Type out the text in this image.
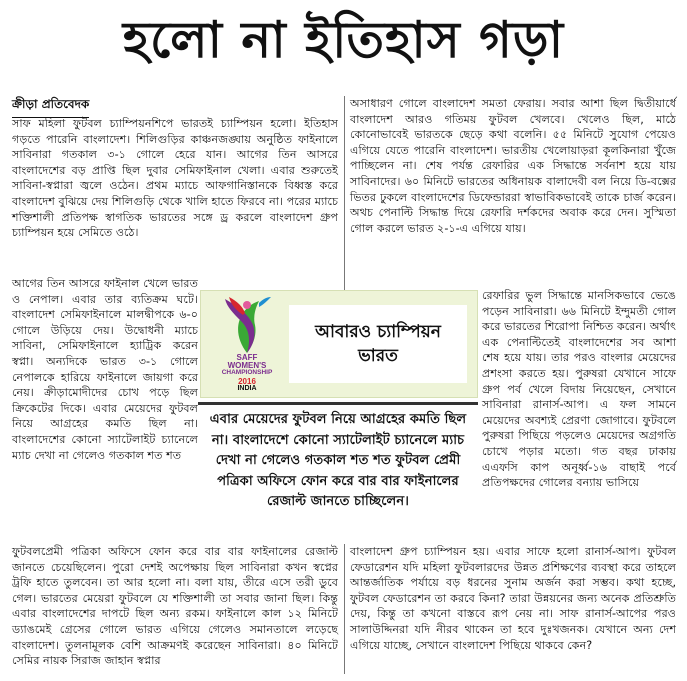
হলো না ইতিহাস গড়া
ক্রীড়া প্রতিবেদক

সাফ মহিলা ফুটবল চ্যাম্পিয়নশিপে ভারতই চ্যাম্পিয়ন হলো। ইতিহাস গড়তে পারেনি বাংলাদেশ। শিলিগুড়ির কাঞ্চনজঙ্ঘায় অনুষ্ঠিত ফাইনালে সাবিনারা গতকাল ৩-১ গোলে হেরে যান। আগের তিন আসরে বাংলাদেশের বড় প্রাপ্তি ছিল দুবার সেমিফাইনাল খেলা। এবার শুরুতেই সাবিনা-স্বপ্নারা জ্বলে ওঠেন। প্রথম ম্যাচে আফগানিস্তানকে বিধ্বস্ত করে বাংলাদেশ বুঝিয়ে দেয় শিলিগুড়ি থেকে খালি হাতে ফিরবে না। পরের ম্যাচে শক্তিশালী প্রতিপক্ষ স্বাগতিক ভারতের সঙ্গে ড্র করলে বাংলাদেশ গ্রুপ চ্যাম্পিয়ন হয়ে সেমিতে ওঠে।

আগের তিন আসরে ফাইনাল খেলে ভারত ও নেপাল। এবার তার ব্যতিক্রম ঘটে। বাংলাদেশ সেমিফাইনালে মালদ্বীপকে ৬-০ গোলে উড়িয়ে দেয়। উদ্বোধনী ম্যাচে সাবিনা, সেমিফাইনালে হ্যাট্রিক করেন স্বপ্না। অন্যদিকে ভারত ৩-১ গোলে নেপালকে হারিয়ে ফাইনালে জায়গা করে নেয়। ক্রীড়ামোদীদের চোখ পড়ে ছিল ক্রিকেটের দিকে। এবার মেয়েদের ফুটবল নিয়ে আগ্রহের কমতি ছিল না। বাংলাদেশের কোনো স্যাটেলাইট চ্যানেলে ম্যাচ দেখা না গেলেও গতকাল শত শত

ফুটবলপ্রেমী পত্রিকা অফিসে ফোন করে বার বার ফাইনালের রেজাল্ট জানতে চেয়েছিলেন। পুরো দেশই অপেক্ষায় ছিল সাবিনারা কখন স্বপ্নের ট্রফি হাতে তুলবেন। তা আর হলো না। বলা যায়, তীরে এসে তরী ডুবে গেল। ভারতের মেয়েরা ফুটবলে যে শক্তিশালী তা সবার জানা ছিল। কিন্তু এবার বাংলাদেশের দাপটে ছিল অন্য রকম। ফাইনালে কাল ১২ মিনিটে ড্যাঙমেই গ্রেসের গোলে ভারত এগিয়ে গেলেও সমানতালে লড়েছে বাংলাদেশ। তুলনামূলক বেশি আক্রমণই করেছেন সাবিনারা। ৪০ মিনিটে সেমির নায়ক সিরাজ জাহান স্বপ্নার

অসাধারণ গোলে বাংলাদেশ সমতা ফেরায়। সবার আশা ছিল দ্বিতীয়ার্ধে বাংলাদেশ আরও গতিময় ফুটবল খেলবে। খেলেও ছিল, মাঠে কোনোভাবেই ভারতকে ছেড়ে কথা বলেনি। ৫৫ মিনিটে সুযোগ পেয়েও এগিয়ে যেতে পারেনি বাংলাদেশ। ভারতীয় খেলোয়াড়রা কূলকিনারা খুঁজে পাচ্ছিলেন না। শেষ পর্যন্ত রেফারির এক সিদ্ধান্তে সর্বনাশ হয়ে যায় সাবিনাদের। ৬০ মিনিটে ভারতের অধিনায়ক বালাদেবী বল নিয়ে ডি-বক্সের ভিতর ঢুকলে বাংলাদেশের ডিফেন্ডাররা স্বাভাবিকভাবেই তাকে চার্জ করেন। অথচ পেনাল্টি সিদ্ধান্ত দিয়ে রেফারি দর্শকদের অবাক করে দেন। সুস্মিতা গোল করলে ভারত ২-১-এ এগিয়ে যায়।

রেফারির ভুল সিদ্ধান্তে মানসিকভাবে ভেঙে পড়েন সাবিনারা। ৬৬ মিনিটে ইন্দুমতী গোল করে ভারতের শিরোপা নিশ্চিত করেন। অর্থাৎ এক পেনাল্টিতেই বাংলাদেশের সব আশা শেষ হয়ে যায়। তার পরও বাংলার মেয়েদের প্রশংসা করতে হয়। পুরুষরা যেখানে সাফে গ্রুপ পর্ব খেলে বিদায় নিয়েছেন, সেখানে সাবিনারা রানার্স-আপ। এ ফল সামনে মেয়েদের অবশ্যই প্রেরণা জোগাবে। ফুটবলে পুরুষরা পিছিয়ে পড়লেও মেয়েদের অগ্রগতি চোখে পড়ার মতো। গত বছর ঢাকায় এএফসি কাপ অনূর্ধ্ব-১৬ বাছাই পর্বে প্রতিপক্ষদের গোলের বন্যায় ভাসিয়ে

বাংলাদেশ গ্রুপ চ্যাম্পিয়ন হয়। এবার সাফে হলো রানার্স-আপ। ফুটবল ফেডারেশন যদি মহিলা ফুটবলারদের উন্নত প্রশিক্ষণের ব্যবস্থা করে তাহলে আন্তর্জাতিক পর্যায়ে বড় ধরনের সুনাম অর্জন করা সম্ভব। কথা হচ্ছে, ফুটবল ফেডারেশন তা করবে কিনা? তারা উন্নয়নের জন্য অনেক প্রতিশ্রুতি দেয়, কিন্তু তা কখনো বাস্তবে রূপ নেয় না। সাফ রানার্স-আপের পরও সালাউদ্দিনরা যদি নীরব থাকেন তা হবে দুঃখজনক। যেখানে অন্য দেশ এগিয়ে যাচ্ছে, সেখানে বাংলাদেশ পিছিয়ে থাকবে কেন?

SAFF
WOMEN'S
CHAMPIONSHIP
2016
INDIA
আবারও চ্যাম্পিয়ন
ভারত
এবার মেয়েদের ফুটবল নিয়ে আগ্রহের কমতি ছিল না। বাংলাদেশে কোনো স্যাটেলাইট চ্যানেলে ম্যাচ দেখা না গেলেও গতকাল শত শত ফুটবল প্রেমী পত্রিকা অফিসে ফোন করে বার বার ফাইনালের রেজাল্ট জানতে চাচ্ছিলেন।
